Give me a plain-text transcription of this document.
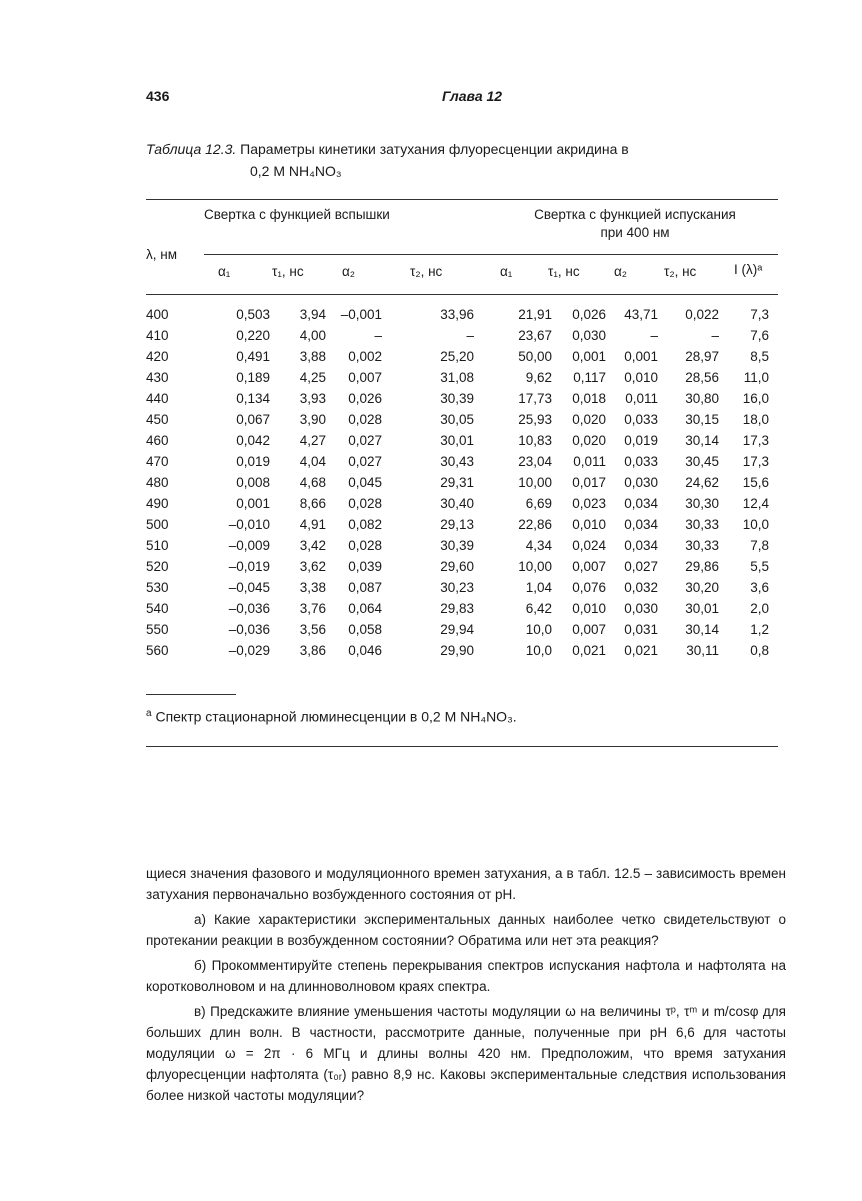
436	Глава 12
Таблица 12.3. Параметры кинетики затухания флуоресценции акридина в
0,2 М NH₄NO₃
Свертка с функцией вспышки	Свертка с функцией испускания
при 400 нм
λ, нм
α₁	τ₁, нс	α₂	τ₂, нс	α₁	τ₁, нс	α₂	τ₂, нс	I (λ)ᵃ
400	0,503	3,94	–0,001	33,96	21,91	0,026	43,71	0,022	7,3
410	0,220	4,00	–	–	23,67	0,030	–	–	7,6
420	0,491	3,88	0,002	25,20	50,00	0,001	0,001	28,97	8,5
430	0,189	4,25	0,007	31,08	9,62	0,117	0,010	28,56	11,0
440	0,134	3,93	0,026	30,39	17,73	0,018	0,011	30,80	16,0
450	0,067	3,90	0,028	30,05	25,93	0,020	0,033	30,15	18,0
460	0,042	4,27	0,027	30,01	10,83	0,020	0,019	30,14	17,3
470	0,019	4,04	0,027	30,43	23,04	0,011	0,033	30,45	17,3
480	0,008	4,68	0,045	29,31	10,00	0,017	0,030	24,62	15,6
490	0,001	8,66	0,028	30,40	6,69	0,023	0,034	30,30	12,4
500	–0,010	4,91	0,082	29,13	22,86	0,010	0,034	30,33	10,0
510	–0,009	3,42	0,028	30,39	4,34	0,024	0,034	30,33	7,8
520	–0,019	3,62	0,039	29,60	10,00	0,007	0,027	29,86	5,5
530	–0,045	3,38	0,087	30,23	1,04	0,076	0,032	30,20	3,6
540	–0,036	3,76	0,064	29,83	6,42	0,010	0,030	30,01	2,0
550	–0,036	3,56	0,058	29,94	10,0	0,007	0,031	30,14	1,2
560	–0,029	3,86	0,046	29,90	10,0	0,021	0,021	30,11	0,8
$^а$ Спектр стационарной люминесценции в 0,2 М NH₄NO₃.

щиеся значения фазового и модуляционного времен затухания, а в табл. 12.5 – зависимость времен затухания первоначально возбужденного состояния от pH.

а) Какие характеристики экспериментальных данных наиболее четко свидетельствуют о протекании реакции в возбужденном состоянии? Обратима или нет эта реакция?

б) Прокомментируйте степень перекрывания спектров испускания нафтола и нафтолята на коротковолновом и на длинноволновом краях спектра.

в) Предскажите влияние уменьшения частоты модуляции ω на величины τᵖ, τᵐ и m/cosφ для больших длин волн. В частности, рассмотрите данные, полученные при pH 6,6 для частоты модуляции ω = 2π · 6 МГц и длины волны 420 нм. Предположим, что время затухания флуоресценции нафтолята (τ₀ᵣ) равно 8,9 нс. Каковы экспериментальные следствия использования более низкой частоты модуляции?
